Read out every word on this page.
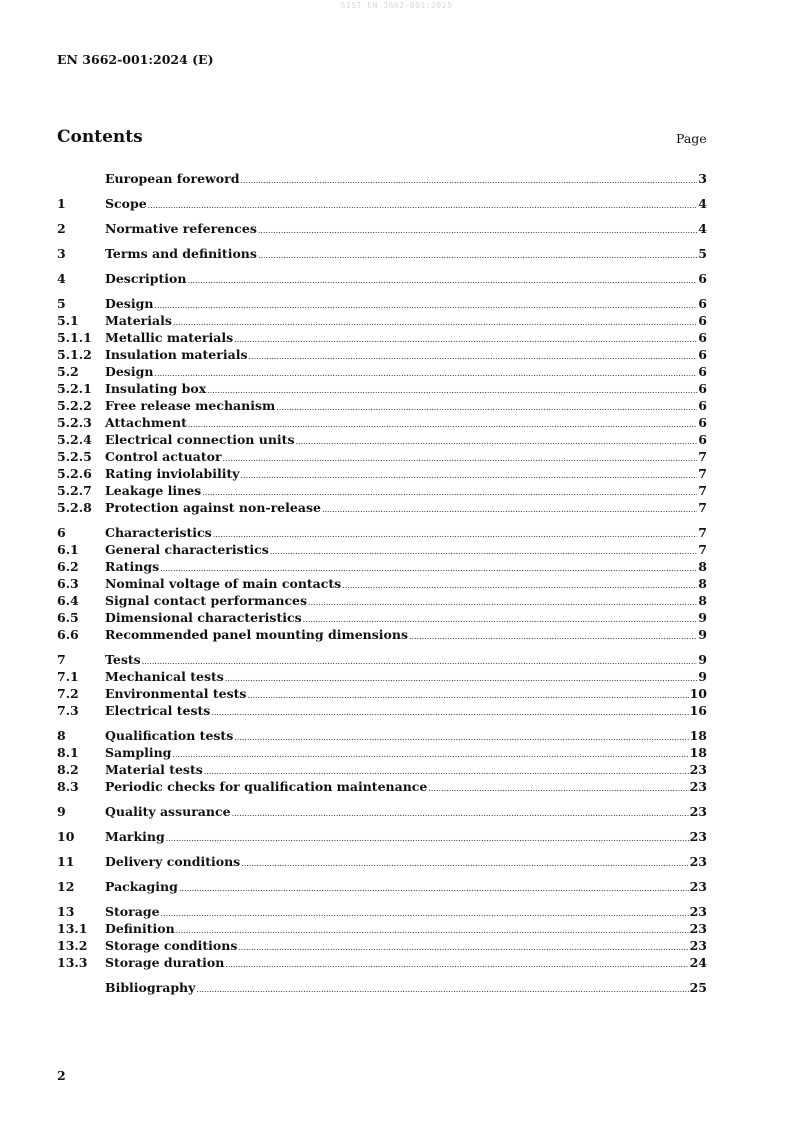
SIST EN 3662-001:2025
EN 3662-001:2024 (E)
Contents	Page
European foreword .....	3
1	Scope .....	4
2	Normative references .....	4
3	Terms and definitions .....	5
4	Description .....	6
5	Design .....	6
5.1	Materials .....	6
5.1.1	Metallic materials .....	6
5.1.2	Insulation materials .....	6
5.2	Design .....	6
5.2.1	Insulating box .....	6
5.2.2	Free release mechanism .....	6
5.2.3	Attachment .....	6
5.2.4	Electrical connection units .....	6
5.2.5	Control actuator .....	7
5.2.6	Rating inviolability .....	7
5.2.7	Leakage lines .....	7
5.2.8	Protection against non-release .....	7
6	Characteristics .....	7
6.1	General characteristics .....	7
6.2	Ratings .....	8
6.3	Nominal voltage of main contacts .....	8
6.4	Signal contact performances .....	8
6.5	Dimensional characteristics .....	9
6.6	Recommended panel mounting dimensions .....	9
7	Tests .....	9
7.1	Mechanical tests .....	9
7.2	Environmental tests .....	10
7.3	Electrical tests .....	16
8	Qualification tests .....	18
8.1	Sampling .....	18
8.2	Material tests .....	23
8.3	Periodic checks for qualification maintenance .....	23
9	Quality assurance .....	23
10	Marking .....	23
11	Delivery conditions .....	23
12	Packaging .....	23
13	Storage .....	23
13.1	Definition .....	23
13.2	Storage conditions .....	23
13.3	Storage duration .....	24
Bibliography .....	25
2
